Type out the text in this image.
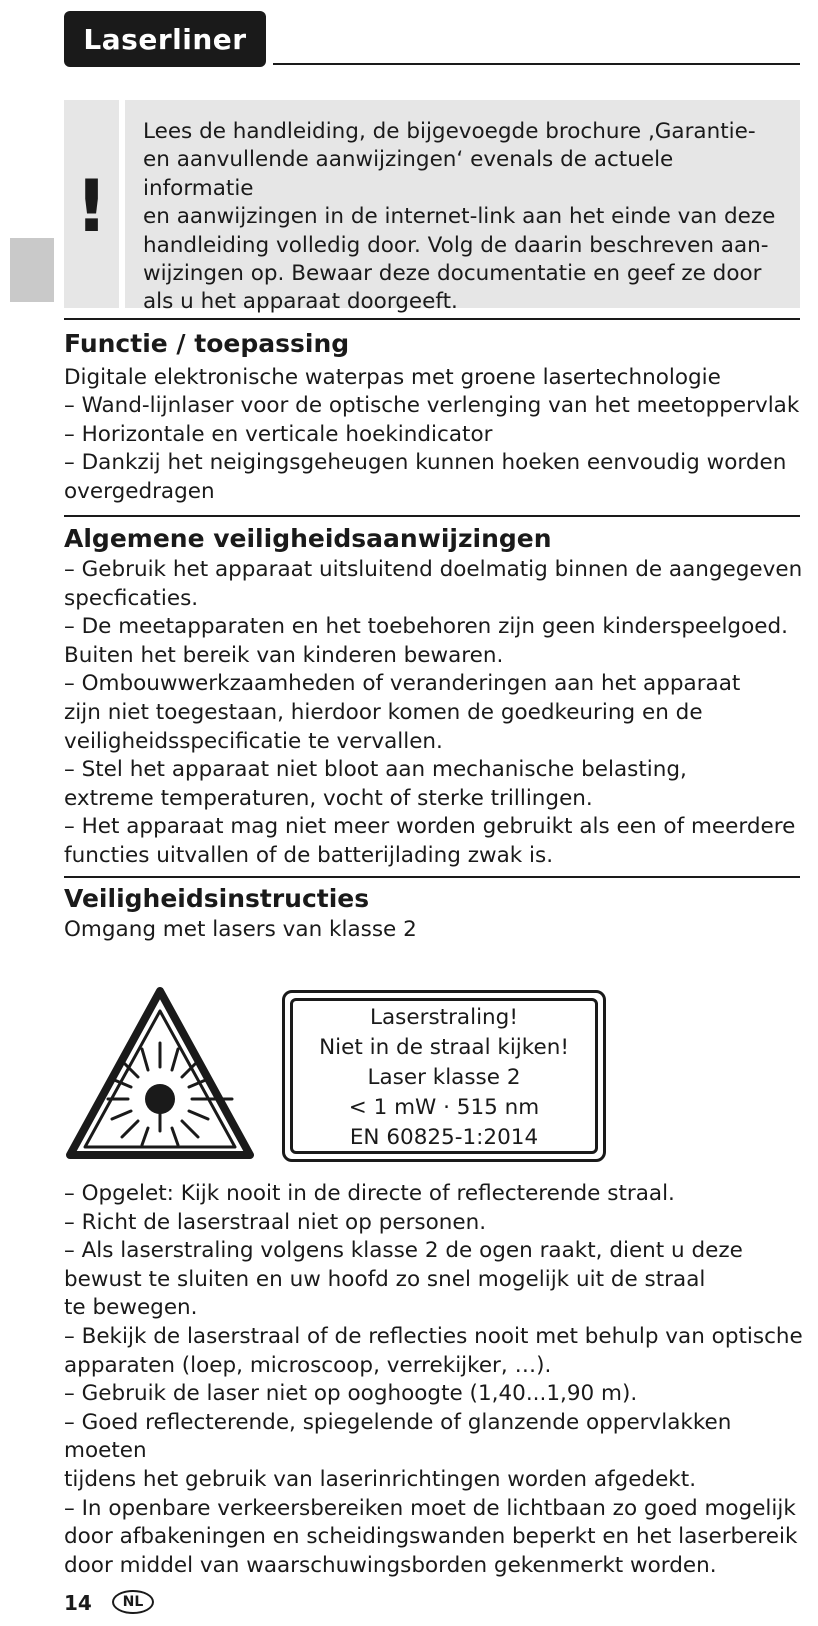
Laserliner
!
Lees de handleiding, de bijgevoegde brochure ‚Garantie-
en aanvullende aanwijzingen‘ evenals de actuele informatie
en aanwijzingen in de internet-link aan het einde van deze
handleiding volledig door. Volg de daarin beschreven aan-
wijzingen op. Bewaar deze documentatie en geef ze door
als u het apparaat doorgeeft.
Functie / toepassing
Digitale elektronische waterpas met groene lasertechnologie
– Wand-lijnlaser voor de optische verlenging van het meetoppervlak
– Horizontale en verticale hoekindicator
– Dankzij het neigingsgeheugen kunnen hoeken eenvoudig worden
overgedragen
Algemene veiligheidsaanwijzingen
– Gebruik het apparaat uitsluitend doelmatig binnen de aangegeven
specficaties.
– De meetapparaten en het toebehoren zijn geen kinderspeelgoed.
Buiten het bereik van kinderen bewaren.
– Ombouwwerkzaamheden of veranderingen aan het apparaat
zijn niet toegestaan, hierdoor komen de goedkeuring en de
veiligheidsspecificatie te vervallen.
– Stel het apparaat niet bloot aan mechanische belasting,
extreme temperaturen, vocht of sterke trillingen.
– Het apparaat mag niet meer worden gebruikt als een of meerdere
functies uitvallen of de batterijlading zwak is.
Veiligheidsinstructies
Omgang met lasers van klasse 2
Laserstraling!
Niet in de straal kijken!
Laser klasse 2
< 1 mW · 515 nm
EN 60825-1:2014
– Opgelet: Kijk nooit in de directe of reflecterende straal.
– Richt de laserstraal niet op personen.
– Als laserstraling volgens klasse 2 de ogen raakt, dient u deze
bewust te sluiten en uw hoofd zo snel mogelijk uit de straal
te bewegen.
– Bekijk de laserstraal of de reflecties nooit met behulp van optische
apparaten (loep, microscoop, verrekijker, …).
– Gebruik de laser niet op ooghoogte (1,40...1,90 m).
– Goed reflecterende, spiegelende of glanzende oppervlakken moeten
tijdens het gebruik van laserinrichtingen worden afgedekt.
– In openbare verkeersbereiken moet de lichtbaan zo goed mogelijk
door afbakeningen en scheidingswanden beperkt en het laserbereik
door middel van waarschuwingsborden gekenmerkt worden.
14	NL
